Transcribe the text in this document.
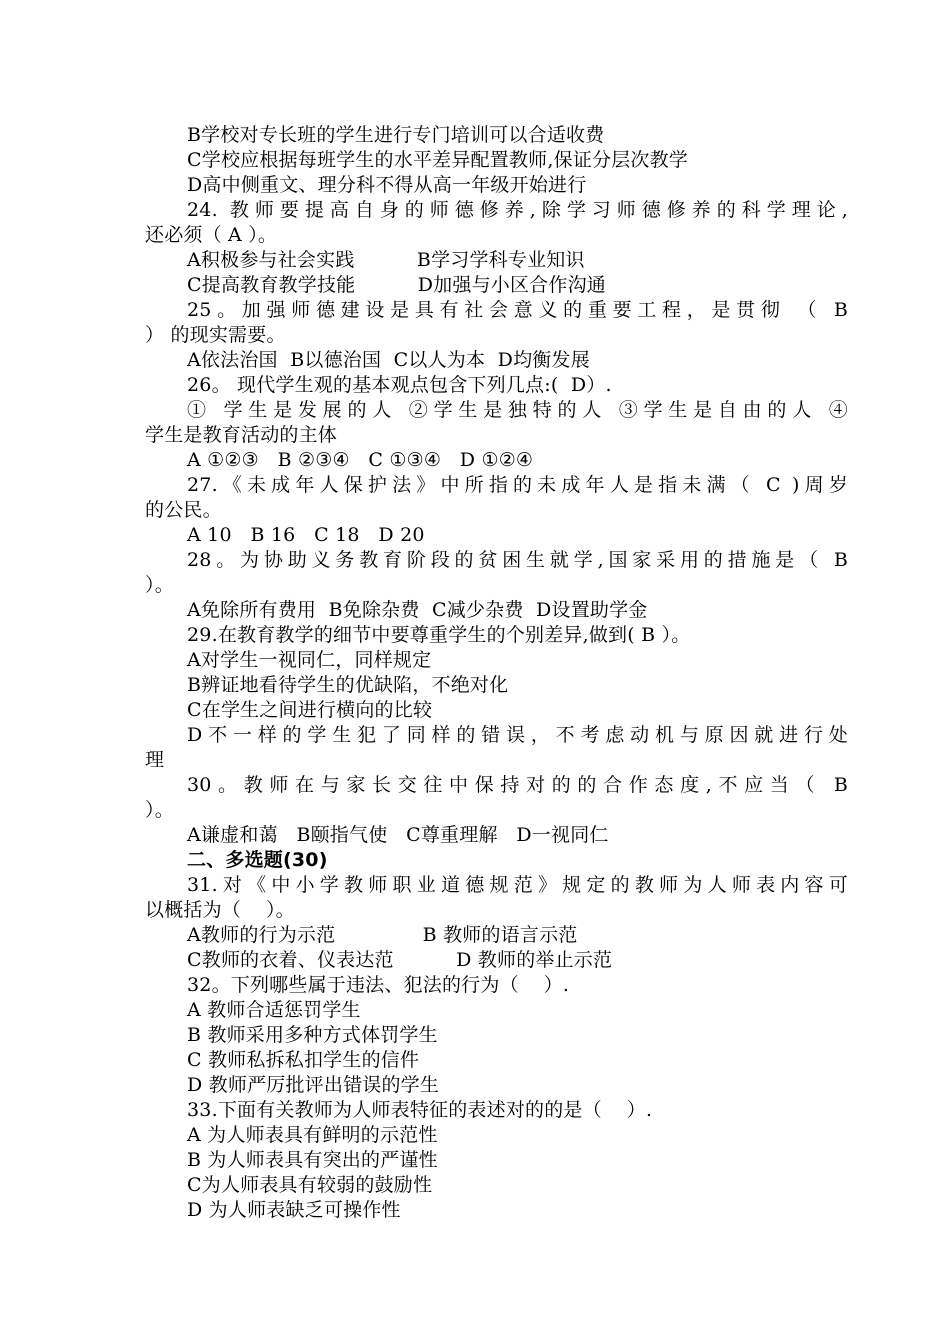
B学校对专长班的学生进行专门培训可以合适收费
C学校应根据每班学生的水平差异配置教师,保证分层次教学
D高中侧重文、理分科不得从高一年级开始进行
24. 教师要提高自身的师德修养,除学习师德修养的科学理论,
还必须（ A ）。
A积极参与社会实践          B学习学科专业知识
C提高教育教学技能          D加强与小区合作沟通
25。加强师德建设是具有社会意义的重要工程，是贯彻 （ B
） 的现实需要。
A依法治国  B以德治国  C以人为本  D均衡发展
26。 现代学生观的基本观点包含下列几点:(  D）.
① 学生是发展的人 ②学生是独特的人 ③学生是自由的人 ④
学生是教育活动的主体
A ①②③   B ②③④   C ①③④   D ①②④
27.《未成年人保护法》中所指的未成年人是指未满（ C )周岁
的公民。
A 10   B 16   C 18   D 20
28。为协助义务教育阶段的贫困生就学,国家采用的措施是（ B
）。
A免除所有费用  B免除杂费  C减少杂费  D设置助学金
29.在教育教学的细节中要尊重学生的个别差异,做到( B ）。
A对学生一视同仁，同样规定
B辨证地看待学生的优缺陷，不绝对化
C在学生之间进行横向的比较
D不一样的学生犯了同样的错误，不考虑动机与原因就进行处
理
30。教师在与家长交往中保持对的的合作态度,不应当（ B
）。
A谦虚和蔼   B颐指气使   C尊重理解   D一视同仁
二、多选题(30)
31.对《中小学教师职业道德规范》规定的教师为人师表内容可
以概括为（    ）。
A教师的行为示范              B 教师的语言示范
C教师的衣着、仪表达范          D 教师的举止示范
32。下列哪些属于违法、犯法的行为（    ）.
A 教师合适惩罚学生
B 教师采用多种方式体罚学生
C 教师私拆私扣学生的信件
D 教师严厉批评出错误的学生
33.下面有关教师为人师表特征的表述对的的是（    ）.
A 为人师表具有鲜明的示范性
B 为人师表具有突出的严谨性
C为人师表具有较弱的鼓励性
D 为人师表缺乏可操作性
